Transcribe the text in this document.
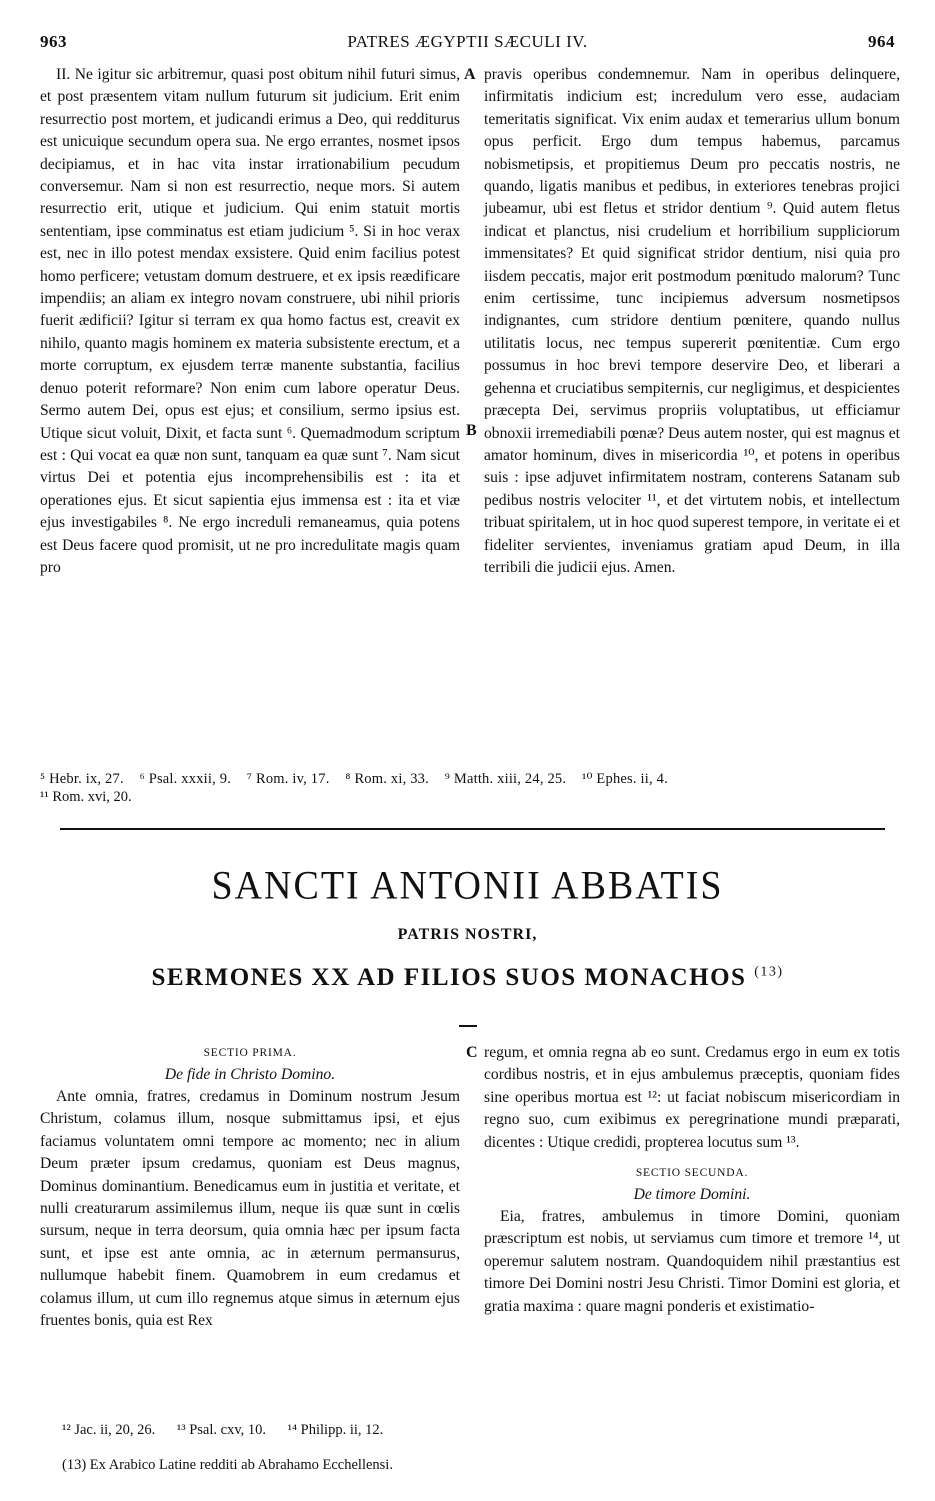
963	PATRES ÆGYPTII SÆCULI IV.	964

II. Ne igitur sic arbitremur, quasi post obitum nihil futuri simus, et post præsentem vitam nullum futurum sit judicium. Erit enim resurrectio post mortem, et judicandi erimus a Deo, qui redditurus est unicuique secundum opera sua. Ne ergo errantes, nosmet ipsos decipiamus, et in hac vita instar irrationabilium pecudum conversemur. Nam si non est resurrectio, neque mors. Si autem resurrectio erit, utique et judicium. Qui enim statuit mortis sententiam, ipse comminatus est etiam judicium ⁵. Si in hoc verax est, nec in illo potest mendax exsistere. Quid enim facilius potest homo perficere; vetustam domum destruere, et ex ipsis reædificare impendiis; an aliam ex integro novam construere, ubi nihil prioris fuerit ædificii? Igitur si terram ex qua homo factus est, creavit ex nihilo, quanto magis hominem ex materia subsistente erectum, et a morte corruptum, ex ejusdem terræ manente substantia, facilius denuo poterit reformare? Non enim cum labore operatur Deus. Sermo autem Dei, opus est ejus; et consilium, sermo ipsius est. Utique sicut voluit, Dixit, et facta sunt ⁶. Quemadmodum scriptum est : Qui vocat ea quæ non sunt, tanquam ea quæ sunt ⁷. Nam sicut virtus Dei et potentia ejus incomprehensibilis est : ita et operationes ejus. Et sicut sapientia ejus immensa est : ita et viæ ejus investigabiles ⁸. Ne ergo increduli remaneamus, quia potens est Deus facere quod promisit, ut ne pro incredulitate magis quam pro

A
B

pravis operibus condemnemur. Nam in operibus delinquere, infirmitatis indicium est; incredulum vero esse, audaciam temeritatis significat. Vix enim audax et temerarius ullum bonum opus perficit. Ergo dum tempus habemus, parcamus nobismetipsis, et propitiemus Deum pro peccatis nostris, ne quando, ligatis manibus et pedibus, in exteriores tenebras projici jubeamur, ubi est fletus et stridor dentium ⁹. Quid autem fletus indicat et planctus, nisi crudelium et horribilium suppliciorum immensitates? Et quid significat stridor dentium, nisi quia pro iisdem peccatis, major erit postmodum pœnitudo malorum? Tunc enim certissime, tunc incipiemus adversum nosmetipsos indignantes, cum stridore dentium pœnitere, quando nullus utilitatis locus, nec tempus supererit pœnitentiæ. Cum ergo possumus in hoc brevi tempore deservire Deo, et liberari a gehenna et cruciatibus sempiternis, cur negligimus, et despicientes præcepta Dei, servimus propriis voluptatibus, ut efficiamur obnoxii irremediabili pœnæ? Deus autem noster, qui est magnus et amator hominum, dives in misericordia ¹⁰, et potens in operibus suis : ipse adjuvet infirmitatem nostram, conterens Satanam sub pedibus nostris velociter ¹¹, et det virtutem nobis, et intellectum tribuat spiritalem, ut in hoc quod superest tempore, in veritate ei et fideliter servientes, inveniamus gratiam apud Deum, in illa terribili die judicii ejus. Amen.

⁵ Hebr. ix, 27. ⁶ Psal. xxxii, 9. ⁷ Rom. iv, 17. ⁸ Rom. xi, 33. ⁹ Matth. xiii, 24, 25. ¹⁰ Ephes. ii, 4.
¹¹ Rom. xvi, 20.
SANCTI ANTONII ABBATIS
PATRIS NOSTRI,
SERMONES XX AD FILIOS SUOS MONACHOS $^{(13)}$
SECTIO PRIMA.
De fide in Christo Domino.

Ante omnia, fratres, credamus in Dominum nostrum Jesum Christum, colamus illum, nosque submittamus ipsi, et ejus faciamus voluntatem omni tempore ac momento; nec in alium Deum præter ipsum credamus, quoniam est Deus magnus, Dominus dominantium. Benedicamus eum in justitia et veritate, et nulli creaturarum assimilemus illum, neque iis quæ sunt in cœlis sursum, neque in terra deorsum, quia omnia hæc per ipsum facta sunt, et ipse est ante omnia, ac in æternum permansurus, nullumque habebit finem. Quamobrem in eum credamus et colamus illum, ut cum illo regnemus atque simus in æternum ejus fruentes bonis, quia est Rex

C regum, et omnia regna ab eo sunt. Credamus ergo in eum ex totis cordibus nostris, et in ejus ambulemus præceptis, quoniam fides sine operibus mortua est ¹²: ut faciat nobiscum misericordiam in regno suo, cum exibimus ex peregrinatione mundi præparati, dicentes : Utique credidi, propterea locutus sum ¹³.

SECTIO SECUNDA.
De timore Domini.

Eia, fratres, ambulemus in timore Domini, quoniam præscriptum est nobis, ut serviamus cum timore et tremore ¹⁴, ut operemur salutem nostram. Quandoquidem nihil præstantius est timore Dei Domini nostri Jesu Christi. Timor Domini est gloria, et gratia maxima : quare magni ponderis et existimatio-

¹² Jac. ii, 20, 26. ¹³ Psal. cxv, 10. ¹⁴ Philipp. ii, 12.
(13) Ex Arabico Latine redditi ab Abrahamo Ecchellensi.
